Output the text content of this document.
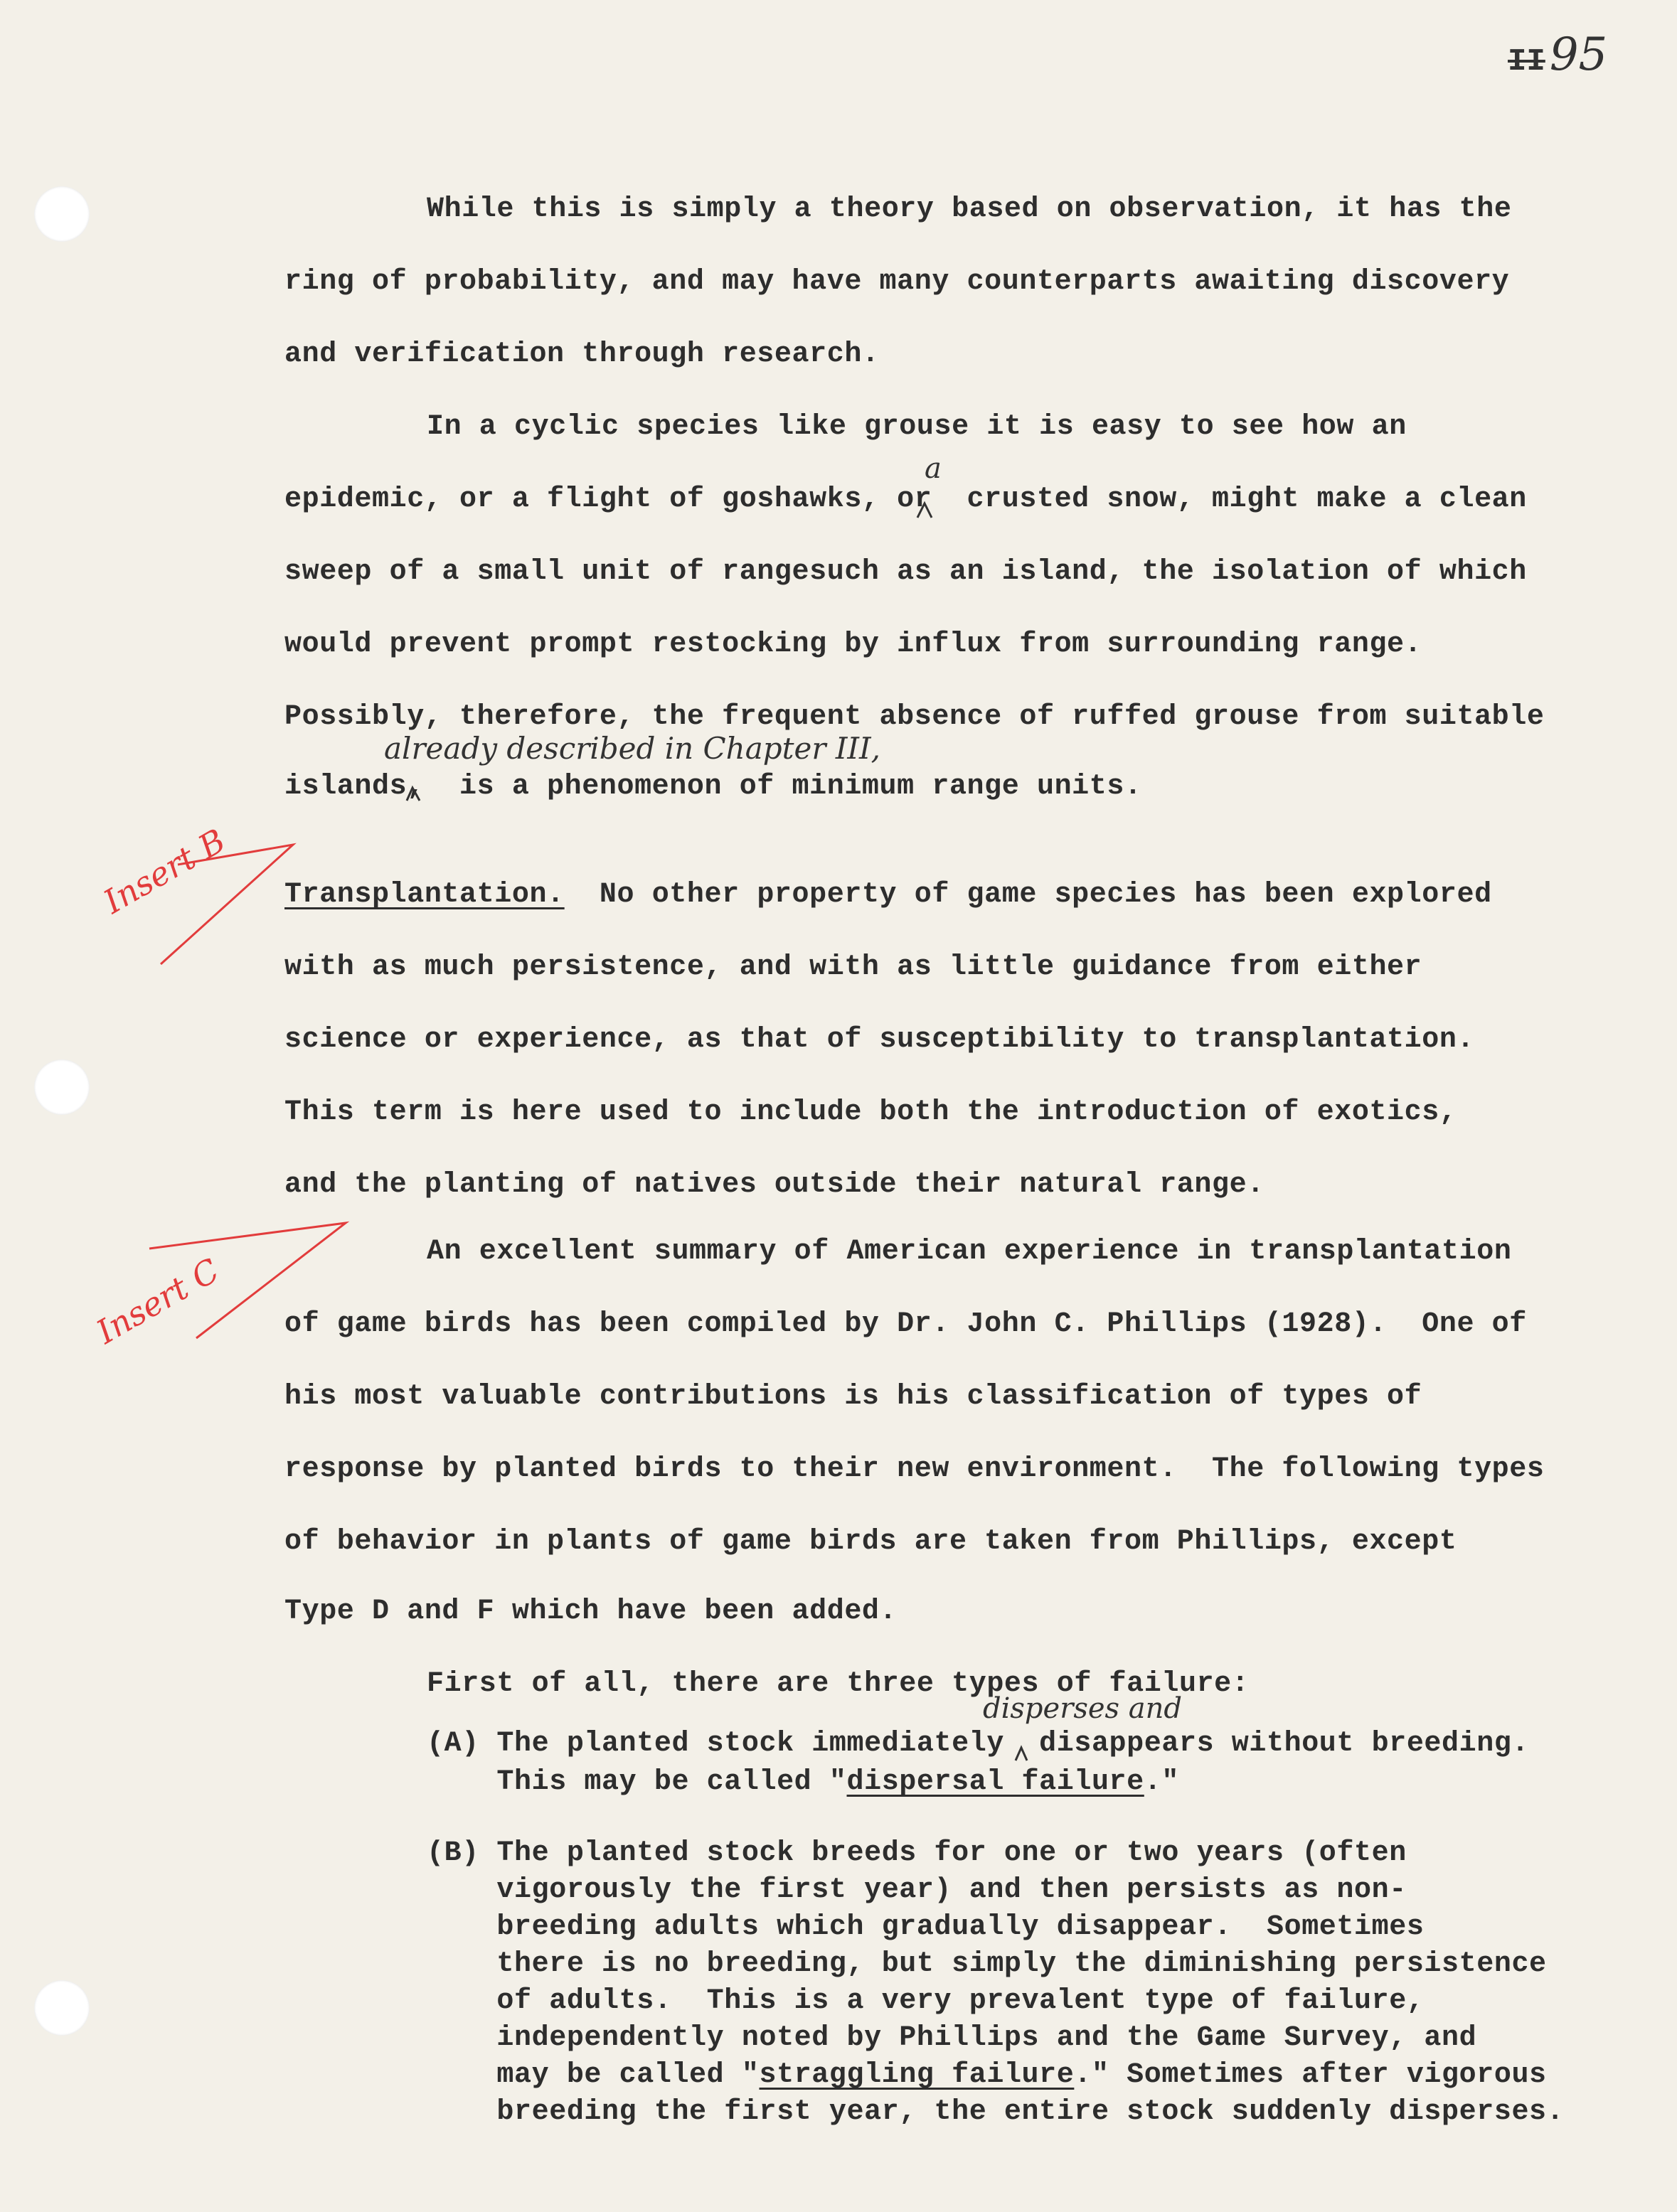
II95
While this is simply a theory based on observation, it has the
ring of probability, and may have many counterparts awaiting discovery
and verification through research.
In a cyclic species like grouse it is easy to see how an
a
epidemic, or a flight of goshawks, or  crusted snow, might make a clean
sweep of a small unit of rangesuch as an island, the isolation of which
would prevent prompt restocking by influx from surrounding range.
Possibly, therefore, the frequent absence of ruffed grouse from suitable
already described in Chapter III,
islands,  is a phenomenon of minimum range units.
Insert B Transplantation.  No other property of game species has been explored
with as much persistence, and with as little guidance from either
science or experience, as that of susceptibility to transplantation.
This term is here used to include both the introduction of exotics,
and the planting of natives outside their natural range.
Insert C	An excellent summary of American experience in transplantation
of game birds has been compiled by Dr. John C. Phillips (1928).  One of
his most valuable contributions is his classification of types of
response by planted birds to their new environment.  The following types
of behavior in plants of game birds are taken from Phillips, except
Type D and F which have been added.
First of all, there are three types of failure:
disperses and
(A) The planted stock immediately  disappears without breeding.
This may be called "dispersal failure."
(B) The planted stock breeds for one or two years (often
vigorously the first year) and then persists as non-
breeding adults which gradually disappear.  Sometimes
there is no breeding, but simply the diminishing persistence
of adults.  This is a very prevalent type of failure,
independently noted by Phillips and the Game Survey, and
may be called "straggling failure." Sometimes after vigorous
breeding the first year, the entire stock suddenly disperses.
